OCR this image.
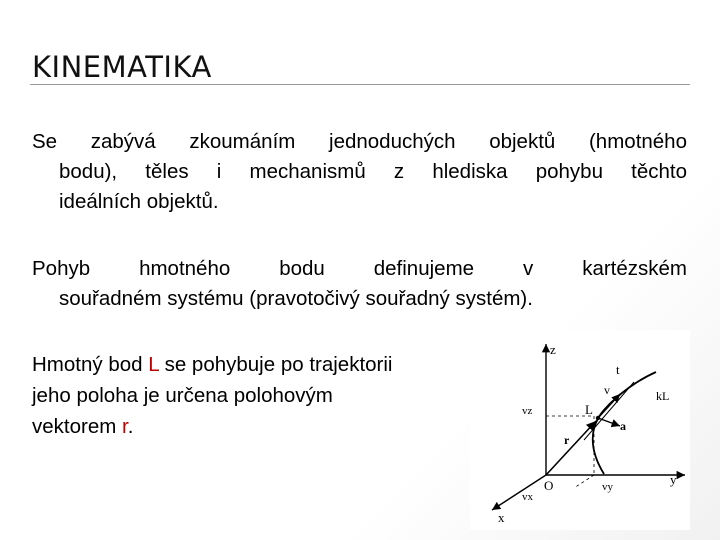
KINEMATIKA
Se zabývá zkoumáním jednoduchých objektů (hmotného
bodu), těles i mechanismů z hlediska pohybu těchto
ideálních objektů.
Pohyb hmotného bodu definujeme v kartézském
souřadném systému (pravotočivý souřadný systém).
Hmotný bod L se pohybuje po trajektorii
jeho poloha je určena polohovým
vektorem r.
z
t
v
vz	L
kL
a
r
O	vy	y
vx
x
